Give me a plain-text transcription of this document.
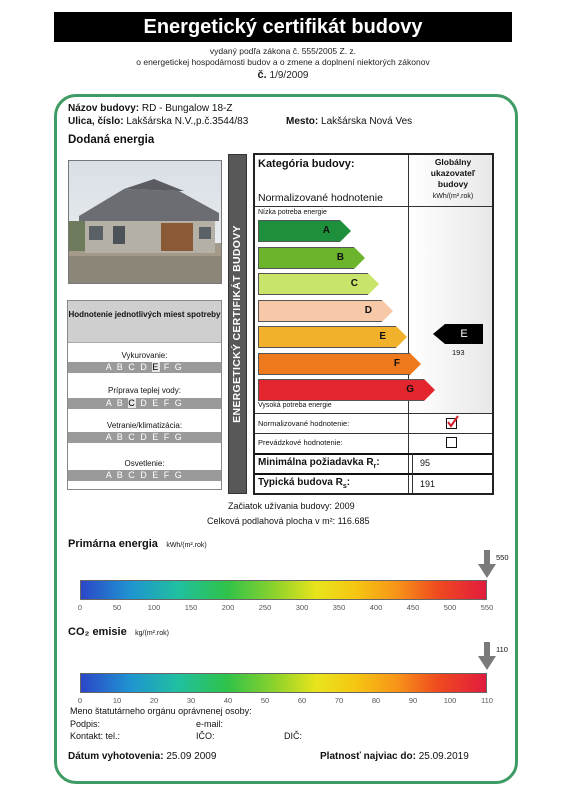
Energetický certifikát budovy
vydaný podľa zákona č. 555/2005 Z. z.
o energetickej hospodárnosti budov a o zmene a doplnení niektorých zákonov
č. 1/9/2009
Názov budovy: RD - Bungalow 18-Z
Ulica, číslo: Lakšárska N.V.,p.č.3544/83	Mesto: Lakšárska Nová Ves
Dodaná energia
Hodnotenie jednotlivých miest spotreby
Vykurovanie:
A B C D E F G
Príprava teplej vody:
A B C D E F G
Vetranie/klimatizácia:
A B C D E F G
Osvetlenie:
A B C D E F G
ENERGETICKÝ CERTIFIKÁT BUDOVY
Kategória budovy:
Normalizované hodnotenie
Globálny ukazovateľ budovy
kWh/(m².rok)
Nízka potreba energie
Vysoká potreba energie
A
B
C
D
E
F
G
E
193
Normalizované hodnotenie:
Prevádzkové hodnotenie:
Minimálna požiadavka $R_r$:	95
Typická budova $R_s$:	191
Začiatok užívania budovy: 2009
Celková podlahová plocha v m²: 116.685
Primárna energia kWh/(m².rok)
0	50	100	150	200	250	300	350	400	450	500	550
550
CO₂ emisie kg/(m².rok)
0	10	20	30	40	50	60	70	80	90	100	110
110
Meno štatutárneho orgánu oprávnenej osoby:
Podpis:	e-mail:
Kontakt: tel.:	IČO:	DIČ:
Dátum vyhotovenia: 25.09 2009	Platnosť najviac do: 25.09.2019
